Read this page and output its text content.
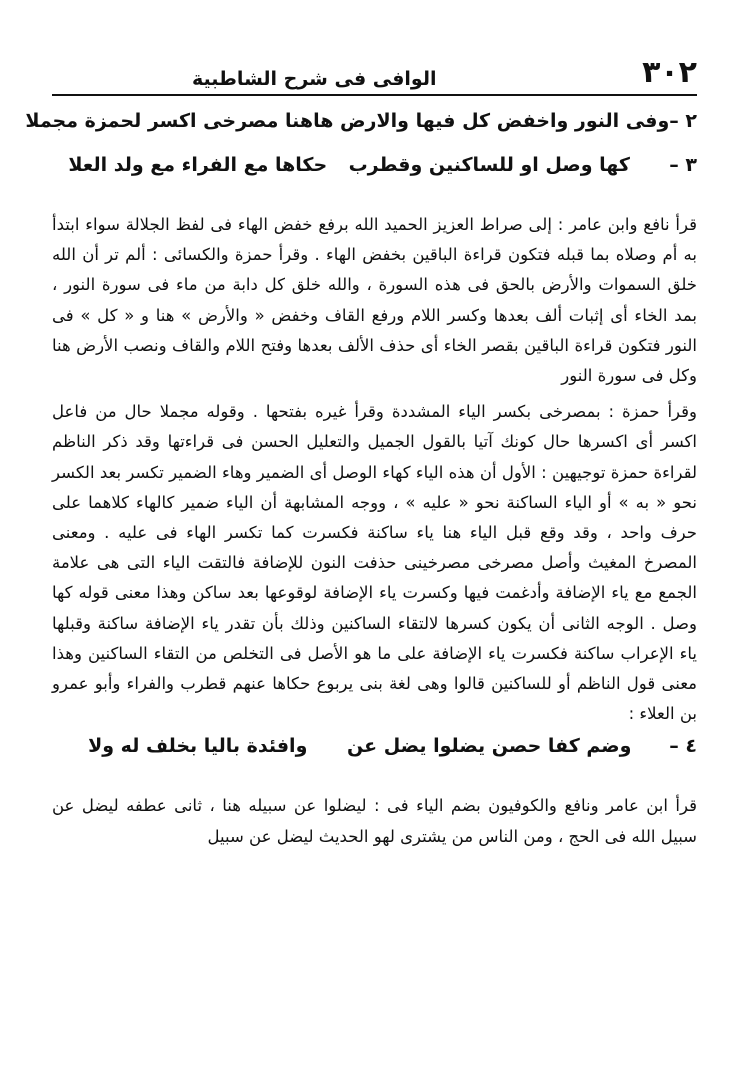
٣٠٢
الوافى فى شرح الشاطبية
٢ –
وفى النور واخفض كل فيها والارض ها
هنا مصرخى اكسر لحمزة مجملا
٣ –
كها وصل او للساكنين وقطرب
حكاها مع الفراء مع ولد العلا

قرأ نافع وابن عامر : إلى صراط العزيز الحميد الله برفع خفض الهاء فى لفظ الجلالة سواء ابتدأ به أم وصلاه بما قبله فتكون قراءة الباقين بخفض الهاء . وقرأ حمزة والكسائى : ألم تر أن الله خلق السموات والأرض بالحق فى هذه السورة ، والله خلق كل دابة من ماء فى سورة النور ، بمد الخاء أى إثبات ألف بعدها وكسر اللام ورفع القاف وخفض « والأرض » هنا و « كل » فى النور فتكون قراءة الباقين بقصر الخاء أى حذف الألف بعدها وفتح اللام والقاف ونصب الأرض هنا وكل فى سورة النور

وقرأ حمزة : بمصرخى بكسر الياء المشددة وقرأ غيره بفتحها . وقوله مجملا حال من فاعل اكسر أى اكسرها حال كونك آتيا بالقول الجميل والتعليل الحسن فى قراءتها وقد ذكر الناظم لقراءة حمزة توجيهين : الأول أن هذه الياء كهاء الوصل أى الضمير وهاء الضمير تكسر بعد الكسر نحو « به » أو الياء الساكنة نحو « عليه » ، ووجه المشابهة أن الياء ضمير كالهاء كلاهما على حرف واحد ، وقد وقع قبل الياء هنا ياء ساكنة فكسرت كما تكسر الهاء فى عليه . ومعنى المصرخ المغيث وأصل مصرخى مصرخينى حذفت النون للإضافة فالتقت الياء التى هى علامة الجمع مع ياء الإضافة وأدغمت فيها وكسرت ياء الإضافة لوقوعها بعد ساكن وهذا معنى قوله كها وصل . الوجه الثانى أن يكون كسرها لالتقاء الساكنين وذلك بأن تقدر ياء الإضافة ساكنة وقبلها ياء الإعراب ساكنة فكسرت ياء الإضافة على ما هو الأصل فى التخلص من التقاء الساكنين وهذا معنى قول الناظم أو للساكنين قالوا وهى لغة بنى يربوع حكاها عنهم قطرب والفراء وأبو عمرو بن العلاء :

٤ –
وضم كفا حصن يضلوا يضل عن
وافئدة باليا بخلف له ولا

قرأ ابن عامر ونافع والكوفيون بضم الياء فى : ليضلوا عن سبيله هنا ، ثانى عطفه ليضل عن سبيل الله فى الحج ، ومن الناس من يشترى لهو الحديث ليضل عن سبيل
